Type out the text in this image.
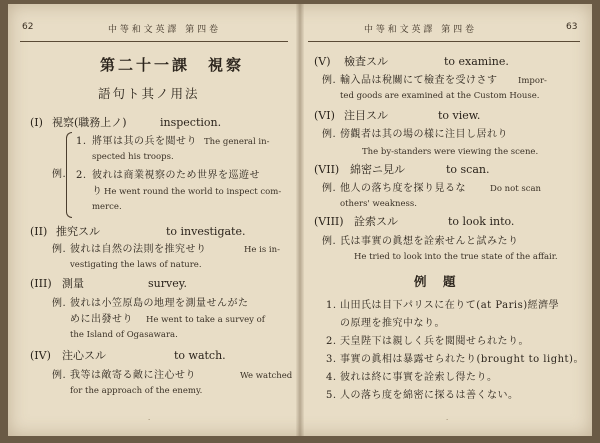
62	中 等 和 文 英 譯　第 四 卷
第二十一課　視察
語句ト其ノ用法
(I) 視察(職務上ノ)	inspection.
例.
1. 將軍は其の兵を閲せり The general in-
spected his troops.
2. 彼れは商業視察のため世界を巡遊せ
り He went round the world to inspect com-
merce.
(II) 推究スル	to investigate.
例. 彼れは自然の法則を推究せり	He is in-
vestigating the laws of nature.
(III) 測量	survey.
例. 彼れは小笠原島の地理を測量せんがた
めに出發せり He went to take a survey of
the Island of Ogasawara.
(IV) 注心スル	to watch.
例. 我等は敵寄る敵に注心せり	We watched
for the approach of the enemy.
·
中 等 和 文 英 譯　第 四 卷	63
(V) 檢査スル	to examine.
例. 輸入品は稅關にて檢査を受けさす Impor-
ted goods are examined at the Custom House.
(VI) 注目スル	to view.
例. 傍觀者は其の場の樣に注目し居れり
The by-standers were viewing the scene.
(VII) 綿密ニ見ル	to scan.
例. 他人の落ち度を探り見るな	Do not scan
others' weakness.
(VIII) 詮索スル	to look into.
例. 氏は事實の眞想を詮索せんと試みたり
He tried to look into the true state of the affair.
例　題
1. 山田氏は目下パリスに在りて(at Paris)經濟學
の原理を推究中なり。
2. 天皇陛下は親しく兵を閲閱せられたり。
3. 事實の眞相は暴露せられたり(brought to light)。
4. 彼れは終に事實を詮索し得たり。
5. 人の落ち度を綿密に探るは善くない。
·
